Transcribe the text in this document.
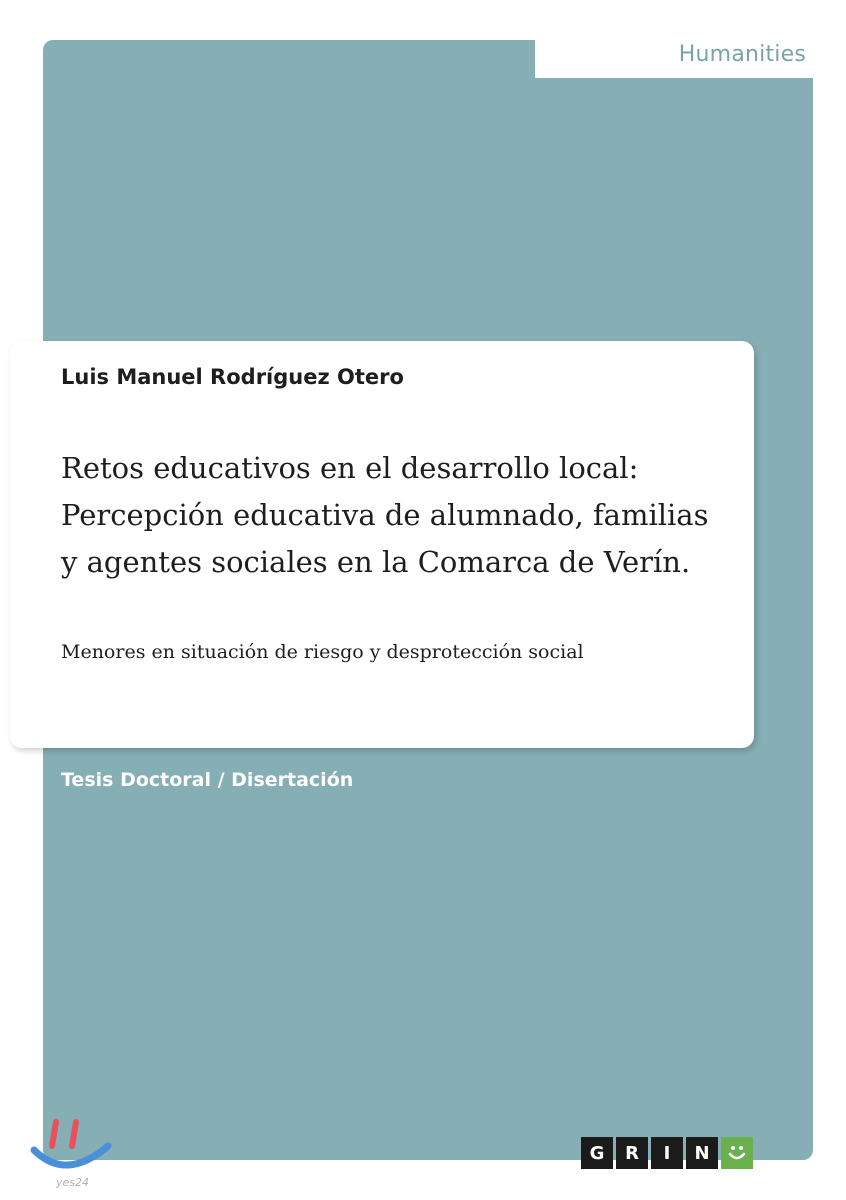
Humanities
Luis Manuel Rodríguez Otero
Retos educativos en el desarrollo local:
Percepción educativa de alumnado, familias
y agentes sociales en la Comarca de Verín.
Menores en situación de riesgo y desprotección social
Tesis Doctoral / Disertación
G	R	I	N
yes24
